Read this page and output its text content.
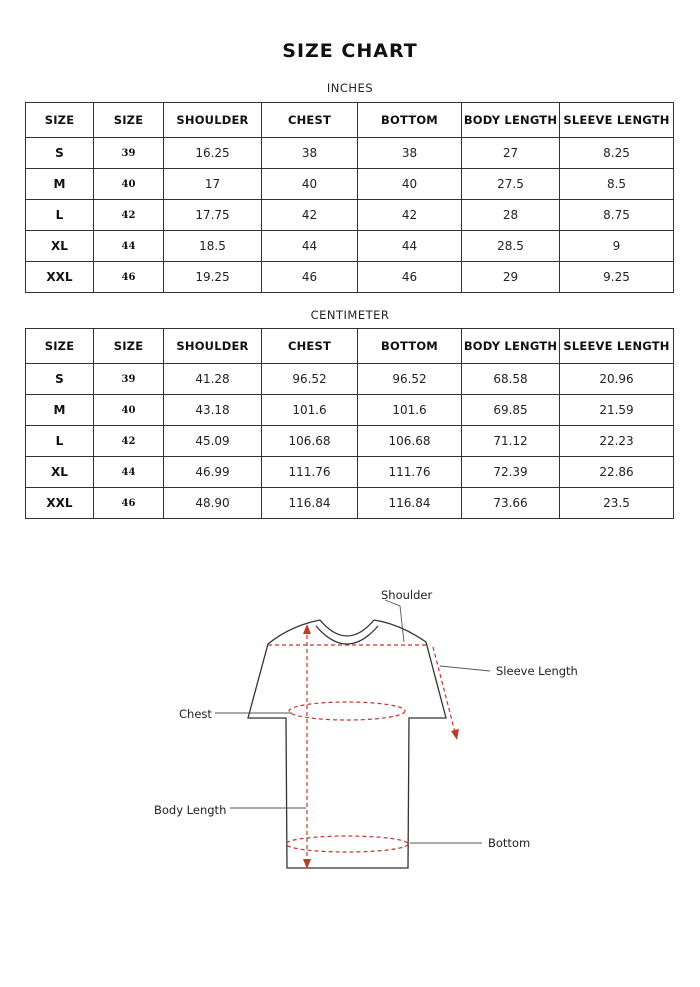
SIZE CHART
INCHES
SIZE	SIZE	SHOULDER	CHEST	BOTTOM	BODY LENGTH	SLEEVE LENGTH
S	39	16.25	38	38	27	8.25
M	40	17	40	40	27.5	8.5
L	42	17.75	42	42	28	8.75
XL	44	18.5	44	44	28.5	9
XXL	46	19.25	46	46	29	9.25
CENTIMETER
SIZE	SIZE	SHOULDER	CHEST	BOTTOM	BODY LENGTH	SLEEVE LENGTH
S	39	41.28	96.52	96.52	68.58	20.96
M	40	43.18	101.6	101.6	69.85	21.59
L	42	45.09	106.68	106.68	71.12	22.23
XL	44	46.99	111.76	111.76	72.39	22.86
XXL	46	48.90	116.84	116.84	73.66	23.5
Shoulder
Sleeve Length
Chest
Body Length
Bottom
